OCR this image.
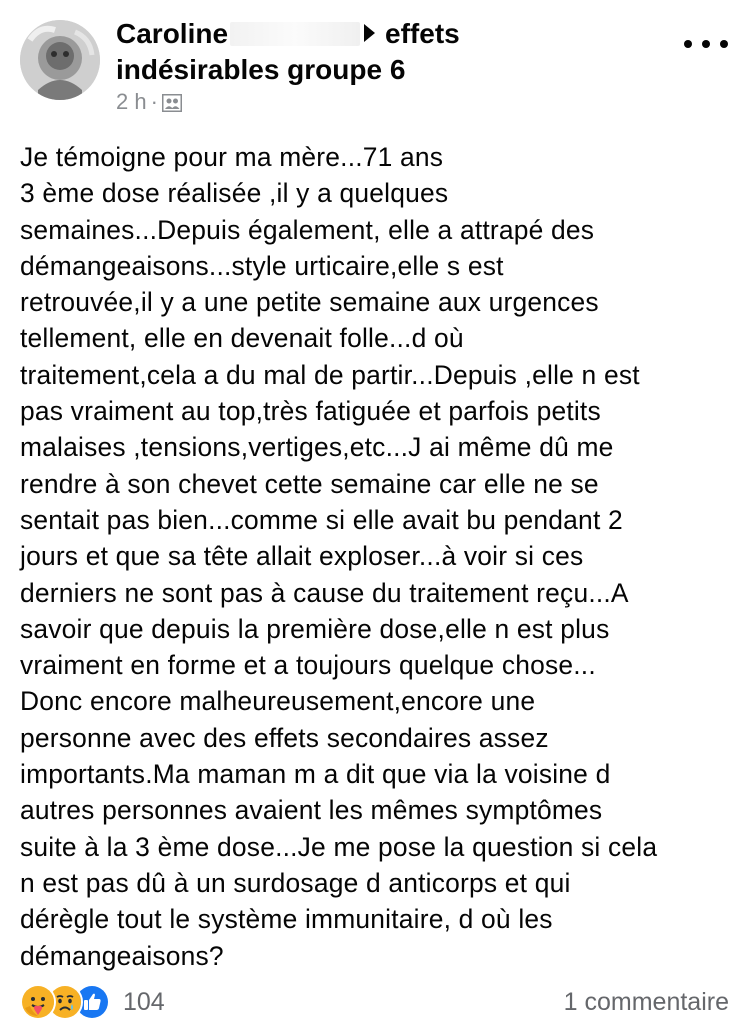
Caroline	effets
indésirables groupe 6
2 h ·
Je témoigne pour ma mère...71 ans
3 ème dose réalisée ,il y a quelques
semaines...Depuis également, elle a attrapé des
démangeaisons...style urticaire,elle s est
retrouvée,il y a une petite semaine aux urgences
tellement, elle en devenait folle...d où
traitement,cela a du mal de partir...Depuis ,elle n est
pas vraiment au top,très fatiguée et parfois petits
malaises ,tensions,vertiges,etc...J ai même dû me
rendre à son chevet cette semaine car elle ne se
sentait pas bien...comme si elle avait bu pendant 2
jours et que sa tête allait exploser...à voir si ces
derniers ne sont pas à cause du traitement reçu...A
savoir que depuis la première dose,elle n est plus
vraiment en forme et a toujours quelque chose...
Donc encore malheureusement,encore une
personne avec des effets secondaires assez
importants.Ma maman m a dit que via la voisine d
autres personnes avaient les mêmes symptômes
suite à la 3 ème dose...Je me pose la question si cela
n est pas dû à un surdosage d anticorps et qui
dérègle tout le système immunitaire, d où les
démangeaisons?
104	1 commentaire
